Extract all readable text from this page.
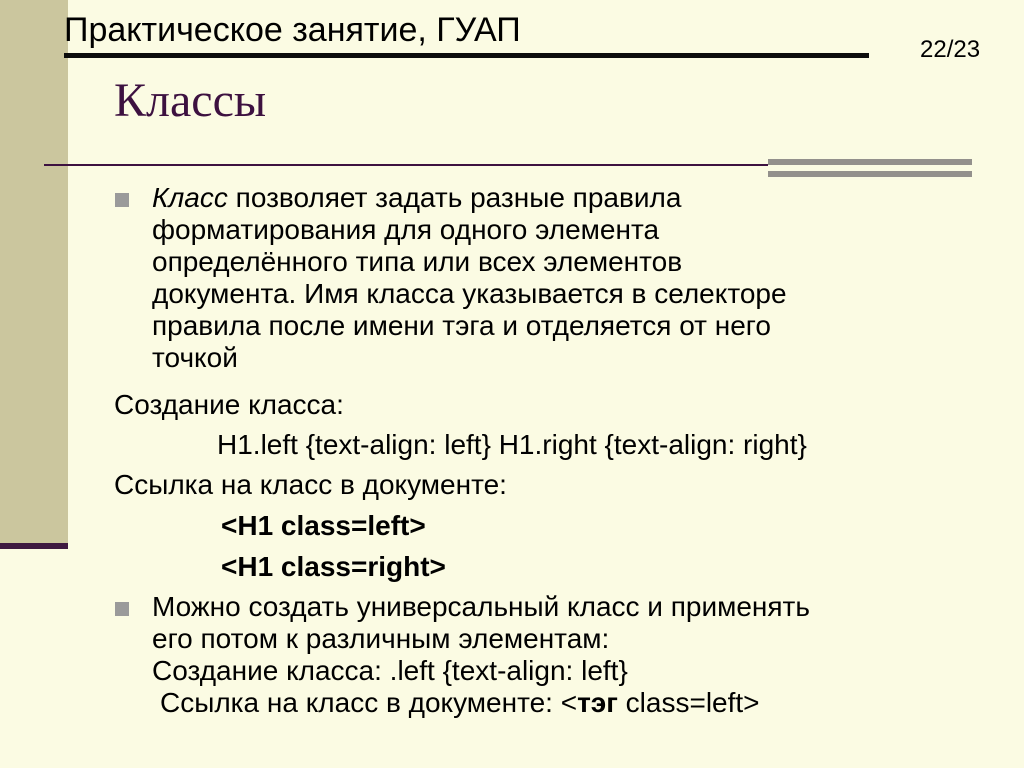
Практическое занятие, ГУАП
22/23
Классы
Класс позволяет задать разные правила
форматирования для одного элемента
определённого типа или всех элементов
документа. Имя класса указывается в селекторе
правила после имени тэга и отделяется от него
точкой
Создание класса:
H1.left {text-align: left} H1.right {text-align: right}
Ссылка на класс в документе:
<H1 class=left>
<H1 class=right>
Можно создать универсальный класс и применять
его потом к различным элементам:
Создание класса: .left {text-align: left}
Ссылка на класс в документе: <тэг class=left>
